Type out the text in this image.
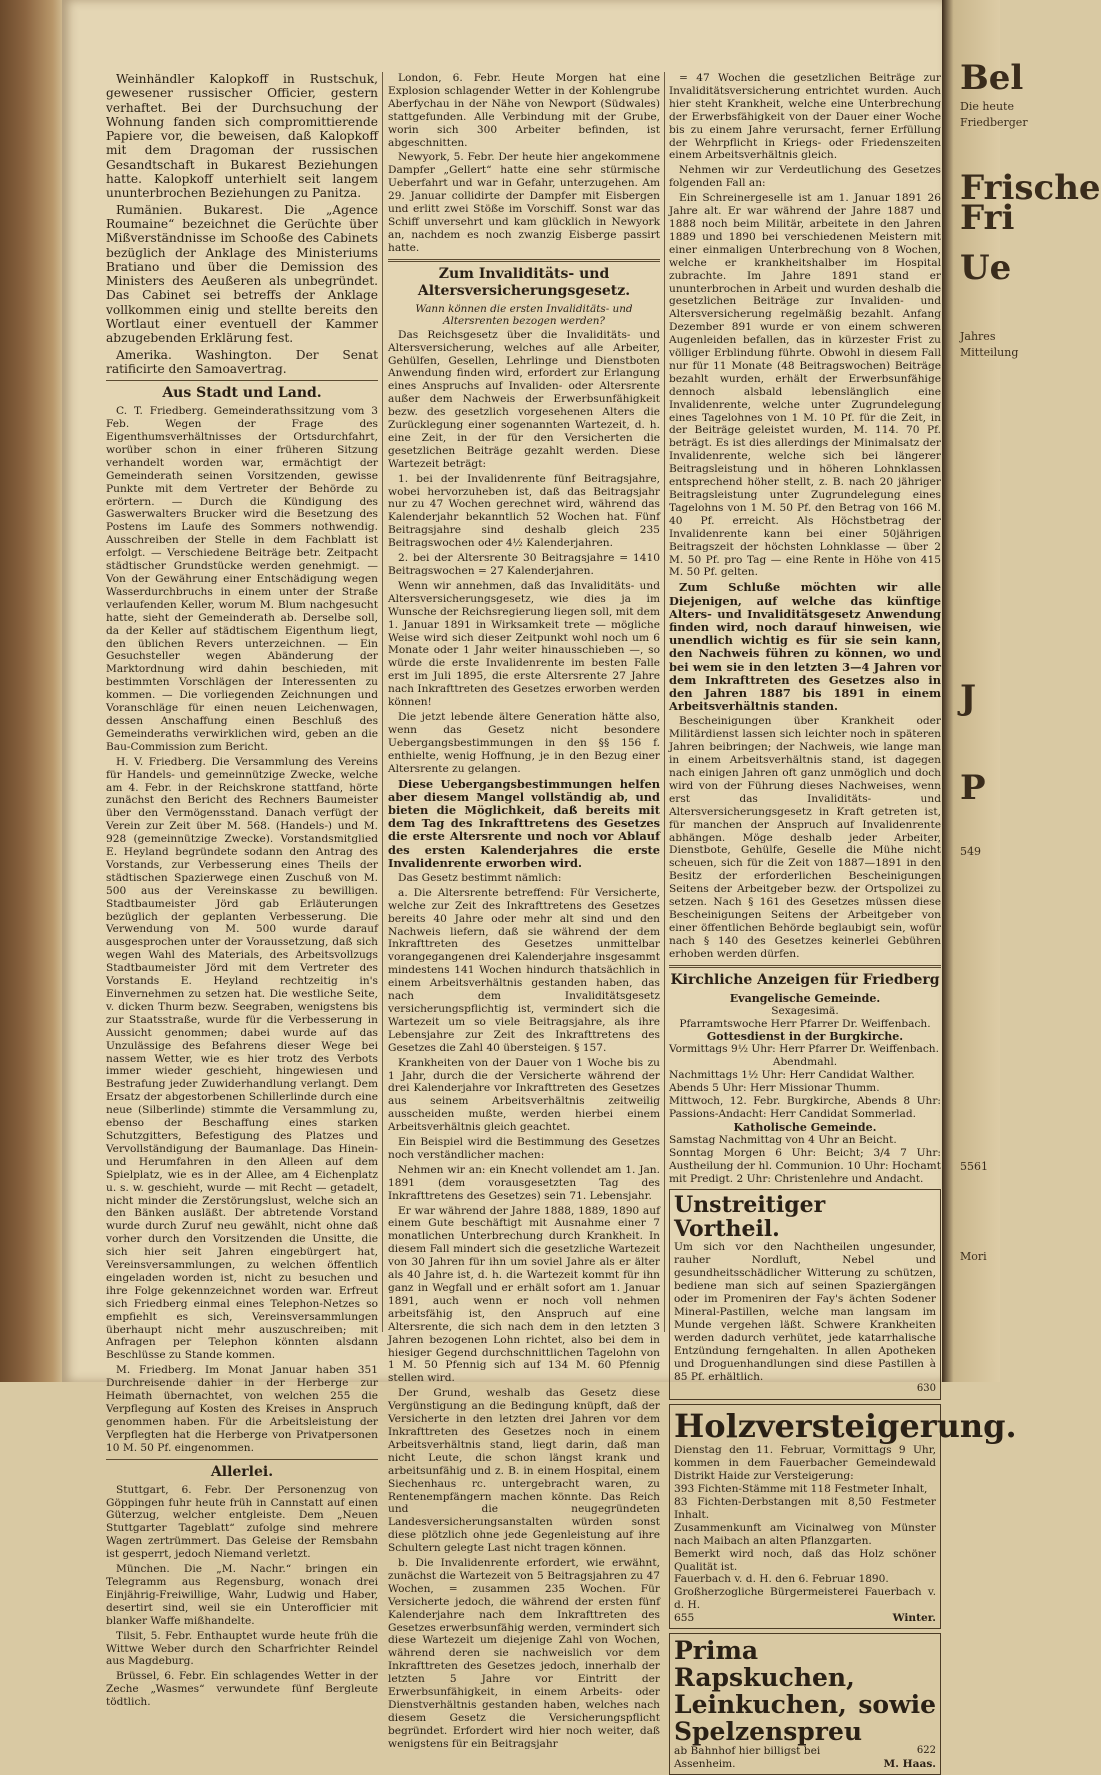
Weinhändler Kalopkoff in Rustschuk, gewesener russischer Officier, gestern verhaftet. Bei der Durchsuchung der Wohnung fanden sich compromittierende Papiere vor, die beweisen, daß Kalopkoff mit dem Dragoman der russischen Gesandtschaft in Bukarest Beziehungen hatte. Kalopkoff unterhielt seit langem ununterbrochen Beziehungen zu Panitza.

Rumänien. Bukarest. Die „Agence Roumaine“ bezeichnet die Gerüchte über Mißverständnisse im Schooße des Cabinets bezüglich der Anklage des Ministeriums Bratiano und über die Demission des Ministers des Aeußeren als unbegründet. Das Cabinet sei betreffs der Anklage vollkommen einig und stellte bereits den Wortlaut einer eventuell der Kammer abzugebenden Erklärung fest.

Amerika. Washington. Der Senat ratificirte den Samoavertrag.

Aus Stadt und Land.

C. T. Friedberg. Gemeinderathssitzung vom 3 Feb. Wegen der Frage des Eigenthumsverhältnisses der Ortsdurchfahrt, worüber schon in einer früheren Sitzung verhandelt worden war, ermächtigt der Gemeinderath seinen Vorsitzenden, gewisse Punkte mit dem Vertreter der Behörde zu erörtern. — Durch die Kündigung des Gaswerwalters Brucker wird die Besetzung des Postens im Laufe des Sommers nothwendig. Ausschreiben der Stelle in dem Fachblatt ist erfolgt. — Verschiedene Beiträge betr. Zeitpacht städtischer Grundstücke werden genehmigt. — Von der Gewährung einer Entschädigung wegen Wasserdurchbruchs in einem unter der Straße verlaufenden Keller, worum M. Blum nachgesucht hatte, sieht der Gemeinderath ab. Derselbe soll, da der Keller auf städtischem Eigenthum liegt, den üblichen Revers unterzeichnen. — Ein Gesuchsteller wegen Abänderung der Marktordnung wird dahin beschieden, mit bestimmten Vorschlägen der Interessenten zu kommen. — Die vorliegenden Zeichnungen und Voranschläge für einen neuen Leichenwagen, dessen Anschaffung einen Beschluß des Gemeinderaths verwirklichen wird, geben an die Bau-Commission zum Bericht.

H. V. Friedberg. Die Versammlung des Vereins für Handels- und gemeinnützige Zwecke, welche am 4. Febr. in der Reichskrone stattfand, hörte zunächst den Bericht des Rechners Baumeister über den Vermögensstand. Danach verfügt der Verein zur Zeit über M. 568. (Handels-) und M. 928 (gemeinnützige Zwecke). Vorstandsmitglied E. Heyland begründete sodann den Antrag des Vorstands, zur Verbesserung eines Theils der städtischen Spazierwege einen Zuschuß von M. 500 aus der Vereinskasse zu bewilligen. Stadtbaumeister Jörd gab Erläuterungen bezüglich der geplanten Verbesserung. Die Verwendung von M. 500 wurde darauf ausgesprochen unter der Voraussetzung, daß sich wegen Wahl des Materials, des Arbeitsvollzugs Stadtbaumeister Jörd mit dem Vertreter des Vorstands E. Heyland rechtzeitig in's Einvernehmen zu setzen hat. Die westliche Seite, v. dicken Thurm bezw. Seegraben, wenigstens bis zur Staatsstraße, wurde für die Verbesserung in Aussicht genommen; dabei wurde auf das Unzulässige des Befahrens dieser Wege bei nassem Wetter, wie es hier trotz des Verbots immer wieder geschieht, hingewiesen und Bestrafung jeder Zuwiderhandlung verlangt. Dem Ersatz der abgestorbenen Schillerlinde durch eine neue (Silberlinde) stimmte die Versammlung zu, ebenso der Beschaffung eines starken Schutzgitters, Befestigung des Platzes und Vervollständigung der Baumanlage. Das Hinein- und Herumfahren in den Alleen auf dem Spielplatz, wie es in der Allee, am 4 Eichenplatz u. s. w. geschieht, wurde — mit Recht — getadelt, nicht minder die Zerstörungslust, welche sich an den Bänken ausläßt. Der abtretende Vorstand wurde durch Zuruf neu gewählt, nicht ohne daß vorher durch den Vorsitzenden die Unsitte, die sich hier seit Jahren eingebürgert hat, Vereinsversammlungen, zu welchen öffentlich eingeladen worden ist, nicht zu besuchen und ihre Folge gekennzeichnet worden war. Erfreut sich Friedberg einmal eines Telephon-Netzes so empfiehlt es sich, Vereinsversammlungen überhaupt nicht mehr auszuschreiben; mit Anfragen per Telephon könnten alsdann Beschlüsse zu Stande kommen.

M. Friedberg. Im Monat Januar haben 351 Durchreisende dahier in der Herberge zur Heimath übernachtet, von welchen 255 die Verpflegung auf Kosten des Kreises in Anspruch genommen haben. Für die Arbeitsleistung der Verpflegten hat die Herberge von Privatpersonen 10 M. 50 Pf. eingenommen.

Allerlei.

Stuttgart, 6. Febr. Der Personenzug von Göppingen fuhr heute früh in Cannstatt auf einen Güterzug, welcher entgleiste. Dem „Neuen Stuttgarter Tageblatt“ zufolge sind mehrere Wagen zertrümmert. Das Geleise der Remsbahn ist gesperrt, jedoch Niemand verletzt.

München. Die „M. Nachr.“ bringen ein Telegramm aus Regensburg, wonach drei Einjährig-Freiwillige, Wahr, Ludwig und Haber, desertirt sind, weil sie ein Unterofficier mit blanker Waffe mißhandelte.

Tilsit, 5. Febr. Enthauptet wurde heute früh die Wittwe Weber durch den Scharfrichter Reindel aus Magdeburg.

Brüssel, 6. Febr. Ein schlagendes Wetter in der Zeche „Wasmes“ verwundete fünf Bergleute tödtlich.

London, 6. Febr. Heute Morgen hat eine Explosion schlagender Wetter in der Kohlengrube Aberfychau in der Nähe von Newport (Südwales) stattgefunden. Alle Verbindung mit der Grube, worin sich 300 Arbeiter befinden, ist abgeschnitten.

Newyork, 5. Febr. Der heute hier angekommene Dampfer „Gellert“ hatte eine sehr stürmische Ueberfahrt und war in Gefahr, unterzugehen. Am 29. Januar collidirte der Dampfer mit Eisbergen und erlitt zwei Stöße im Vorschiff. Sonst war das Schiff unversehrt und kam glücklich in Newyork an, nachdem es noch zwanzig Eisberge passirt hatte.

Zum Invaliditäts- und Altersversicherungsgesetz.
Wann können die ersten Invaliditäts- und Altersrenten bezogen werden?

Das Reichsgesetz über die Invaliditäts- und Altersversicherung, welches auf alle Arbeiter, Gehülfen, Gesellen, Lehrlinge und Dienstboten Anwendung finden wird, erfordert zur Erlangung eines Anspruchs auf Invaliden- oder Altersrente außer dem Nachweis der Erwerbsunfähigkeit bezw. des gesetzlich vorgesehenen Alters die Zurücklegung einer sogenannten Wartezeit, d. h. eine Zeit, in der für den Versicherten die gesetzlichen Beiträge gezahlt werden. Diese Wartezeit beträgt:

1. bei der Invalidenrente fünf Beitragsjahre, wobei hervorzuheben ist, daß das Beitragsjahr nur zu 47 Wochen gerechnet wird, während das Kalenderjahr bekanntlich 52 Wochen hat. Fünf Beitragsjahre sind deshalb gleich 235 Beitragswochen oder 4½ Kalenderjahren.

2. bei der Altersrente 30 Beitragsjahre = 1410 Beitragswochen = 27 Kalenderjahren.

Wenn wir annehmen, daß das Invaliditäts- und Altersversicherungsgesetz, wie dies ja im Wunsche der Reichsregierung liegen soll, mit dem 1. Januar 1891 in Wirksamkeit trete — mögliche Weise wird sich dieser Zeitpunkt wohl noch um 6 Monate oder 1 Jahr weiter hinausschieben —, so würde die erste Invalidenrente im besten Falle erst im Juli 1895, die erste Altersrente 27 Jahre nach Inkrafttreten des Gesetzes erworben werden können!

Die jetzt lebende ältere Generation hätte also, wenn das Gesetz nicht besondere Uebergangsbestimmungen in den §§ 156 f. enthielte, wenig Hoffnung, je in den Bezug einer Altersrente zu gelangen.

Diese Uebergangsbestimmungen helfen aber diesem Mangel vollständig ab, und bieten die Möglichkeit, daß bereits mit dem Tag des Inkrafttretens des Gesetzes die erste Altersrente und noch vor Ablauf des ersten Kalenderjahres die erste Invalidenrente erworben wird.

Das Gesetz bestimmt nämlich:

a. Die Altersrente betreffend: Für Versicherte, welche zur Zeit des Inkrafttretens des Gesetzes bereits 40 Jahre oder mehr alt sind und den Nachweis liefern, daß sie während der dem Inkrafttreten des Gesetzes unmittelbar vorangegangenen drei Kalenderjahre insgesammt mindestens 141 Wochen hindurch thatsächlich in einem Arbeitsverhältnis gestanden haben, das nach dem Invaliditätsgesetz versicherungspflichtig ist, vermindert sich die Wartezeit um so viele Beitragsjahre, als ihre Lebensjahre zur Zeit des Inkrafttretens des Gesetzes die Zahl 40 übersteigen. § 157.

Krankheiten von der Dauer von 1 Woche bis zu 1 Jahr, durch die der Versicherte während der drei Kalenderjahre vor Inkrafttreten des Gesetzes aus seinem Arbeitsverhältnis zeitweilig ausscheiden mußte, werden hierbei einem Arbeitsverhältnis gleich geachtet.

Ein Beispiel wird die Bestimmung des Gesetzes noch verständlicher machen:

Nehmen wir an: ein Knecht vollendet am 1. Jan. 1891 (dem vorausgesetzten Tag des Inkrafttretens des Gesetzes) sein 71. Lebensjahr.

Er war während der Jahre 1888, 1889, 1890 auf einem Gute beschäftigt mit Ausnahme einer 7 monatlichen Unterbrechung durch Krankheit. In diesem Fall mindert sich die gesetzliche Wartezeit von 30 Jahren für ihn um soviel Jahre als er älter als 40 Jahre ist, d. h. die Wartezeit kommt für ihn ganz in Wegfall und er erhält sofort am 1. Januar 1891, auch wenn er noch voll nehmen arbeitsfähig ist, den Anspruch auf eine Altersrente, die sich nach dem in den letzten 3 Jahren bezogenen Lohn richtet, also bei dem in hiesiger Gegend durchschnittlichen Tagelohn von 1 M. 50 Pfennig sich auf 134 M. 60 Pfennig stellen wird.

Der Grund, weshalb das Gesetz diese Vergünstigung an die Bedingung knüpft, daß der Versicherte in den letzten drei Jahren vor dem Inkrafttreten des Gesetzes noch in einem Arbeitsverhältnis stand, liegt darin, daß man nicht Leute, die schon längst krank und arbeitsunfähig und z. B. in einem Hospital, einem Siechenhaus rc. untergebracht waren, zu Rentenempfängern machen könnte. Das Reich und die neugegründeten Landesversicherungsanstalten würden sonst diese plötzlich ohne jede Gegenleistung auf ihre Schultern gelegte Last nicht tragen können.

b. Die Invalidenrente erfordert, wie erwähnt, zunächst die Wartezeit von 5 Beitragsjahren zu 47 Wochen, = zusammen 235 Wochen. Für Versicherte jedoch, die während der ersten fünf Kalenderjahre nach dem Inkrafttreten des Gesetzes erwerbsunfähig werden, vermindert sich diese Wartezeit um diejenige Zahl von Wochen, während deren sie nachweislich vor dem Inkrafttreten des Gesetzes jedoch, innerhalb der letzten 5 Jahre vor Eintritt der Erwerbsunfähigkeit, in einem Arbeits- oder Dienstverhältnis gestanden haben, welches nach diesem Gesetz die Versicherungspflicht begründet. Erfordert wird hier noch weiter, daß wenigstens für ein Beitragsjahr

= 47 Wochen die gesetzlichen Beiträge zur Invaliditätsversicherung entrichtet wurden. Auch hier steht Krankheit, welche eine Unterbrechung der Erwerbsfähigkeit von der Dauer einer Woche bis zu einem Jahre verursacht, ferner Erfüllung der Wehrpflicht in Kriegs- oder Friedenszeiten einem Arbeitsverhältnis gleich.

Nehmen wir zur Verdeutlichung des Gesetzes folgenden Fall an:

Ein Schreinergeselle ist am 1. Januar 1891 26 Jahre alt. Er war während der Jahre 1887 und 1888 noch beim Militär, arbeitete in den Jahren 1889 und 1890 bei verschiedenen Meistern mit einer einmaligen Unterbrechung von 8 Wochen, welche er krankheitshalber im Hospital zubrachte. Im Jahre 1891 stand er ununterbrochen in Arbeit und wurden deshalb die gesetzlichen Beiträge zur Invaliden- und Altersversicherung regelmäßig bezahlt. Anfang Dezember 891 wurde er von einem schweren Augenleiden befallen, das in kürzester Frist zu völliger Erblindung führte. Obwohl in diesem Fall nur für 11 Monate (48 Beitragswochen) Beiträge bezahlt wurden, erhält der Erwerbsunfähige dennoch alsbald lebenslänglich eine Invalidenrente, welche unter Zugrundelegung eines Tagelohnes von 1 M. 10 Pf. für die Zeit, in der Beiträge geleistet wurden, M. 114. 70 Pf. beträgt. Es ist dies allerdings der Minimalsatz der Invalidenrente, welche sich bei längerer Beitragsleistung und in höheren Lohnklassen entsprechend höher stellt, z. B. nach 20 jähriger Beitragsleistung unter Zugrundelegung eines Tagelohns von 1 M. 50 Pf. den Betrag von 166 M. 40 Pf. erreicht. Als Höchstbetrag der Invalidenrente kann bei einer 50jährigen Beitragszeit der höchsten Lohnklasse — über 2 M. 50 Pf. pro Tag — eine Rente in Höhe von 415 M. 50 Pf. gelten.

Zum Schluße möchten wir alle Diejenigen, auf welche das künftige Alters- und Invaliditätsgesetz Anwendung finden wird, noch darauf hinweisen, wie unendlich wichtig es für sie sein kann, den Nachweis führen zu können, wo und bei wem sie in den letzten 3—4 Jahren vor dem Inkrafttreten des Gesetzes also in den Jahren 1887 bis 1891 in einem Arbeitsverhältnis standen.

Bescheinigungen über Krankheit oder Militärdienst lassen sich leichter noch in späteren Jahren beibringen; der Nachweis, wie lange man in einem Arbeitsverhältnis stand, ist dagegen nach einigen Jahren oft ganz unmöglich und doch wird von der Führung dieses Nachweises, wenn erst das Invaliditäts- und Altersversicherungsgesetz in Kraft getreten ist, für manchen der Anspruch auf Invalidenrente abhängen. Möge deshalb jeder Arbeiter, Dienstbote, Gehülfe, Geselle die Mühe nicht scheuen, sich für die Zeit von 1887—1891 in den Besitz der erforderlichen Bescheinigungen Seitens der Arbeitgeber bezw. der Ortspolizei zu setzen. Nach § 161 des Gesetzes müssen diese Bescheinigungen Seitens der Arbeitgeber von einer öffentlichen Behörde beglaubigt sein, wofür nach § 140 des Gesetzes keinerlei Gebühren erhoben werden dürfen.

Kirchliche Anzeigen für Friedberg
Evangelische Gemeinde.
Sexagesimä.
Pfarramtswoche Herr Pfarrer Dr. Weiffenbach.
Gottesdienst in der Burgkirche.
Vormittags 9½ Uhr: Herr Pfarrer Dr. Weiffenbach.
Abendmahl.
Nachmittags 1½ Uhr: Herr Candidat Walther.
Abends 5 Uhr: Herr Missionar Thumm.
Mittwoch, 12. Febr. Burgkirche, Abends 8 Uhr: Passions-Andacht: Herr Candidat Sommerlad.
Katholische Gemeinde.
Samstag Nachmittag von 4 Uhr an Beicht.
Sonntag Morgen 6 Uhr: Beicht; 3/4 7 Uhr: Austheilung der hl. Communion. 10 Uhr: Hochamt mit Predigt. 2 Uhr: Christenlehre und Andacht.
Unstreitiger Vortheil.
Um sich vor den Nachtheilen ungesunder, rauher Nordluft, Nebel und gesundheitsschädlicher Witterung zu schützen, bediene man sich auf seinen Spaziergängen oder im Promeniren der Fay's ächten Sodener Mineral-Pastillen, welche man langsam im Munde vergehen läßt. Schwere Krankheiten werden dadurch verhütet, jede katarrhalische Entzündung ferngehalten. In allen Apotheken und Droguenhandlungen sind diese Pastillen à 85 Pf. erhältlich.
630
Holzversteigerung.
Dienstag den 11. Februar, Vormittags 9 Uhr, kommen in dem Fauerbacher Gemeindewald Distrikt Haide zur Versteigerung:
393 Fichten-Stämme mit 118 Festmeter Inhalt,
83 Fichten-Derbstangen mit 8,50 Festmeter Inhalt.
Zusammenkunft am Vicinalweg von Münster nach Maibach an alten Pflanzgarten.
Bemerkt wird noch, daß das Holz schöner Qualität ist.
Fauerbach v. d. H. den 6. Februar 1890.
Großherzogliche Bürgermeisterei Fauerbach v. d. H.
655	Winter.
Prima Rapskuchen, Leinkuchen, sowie Spelzenspreu
ab Bahnhof hier billigst bei	622
Assenheim.	M. Haas.
Bel
Die heute
Friedberger
Frische
Fri
Ue
Jahres
Mitteilung
J
P
549
5561
Mori
